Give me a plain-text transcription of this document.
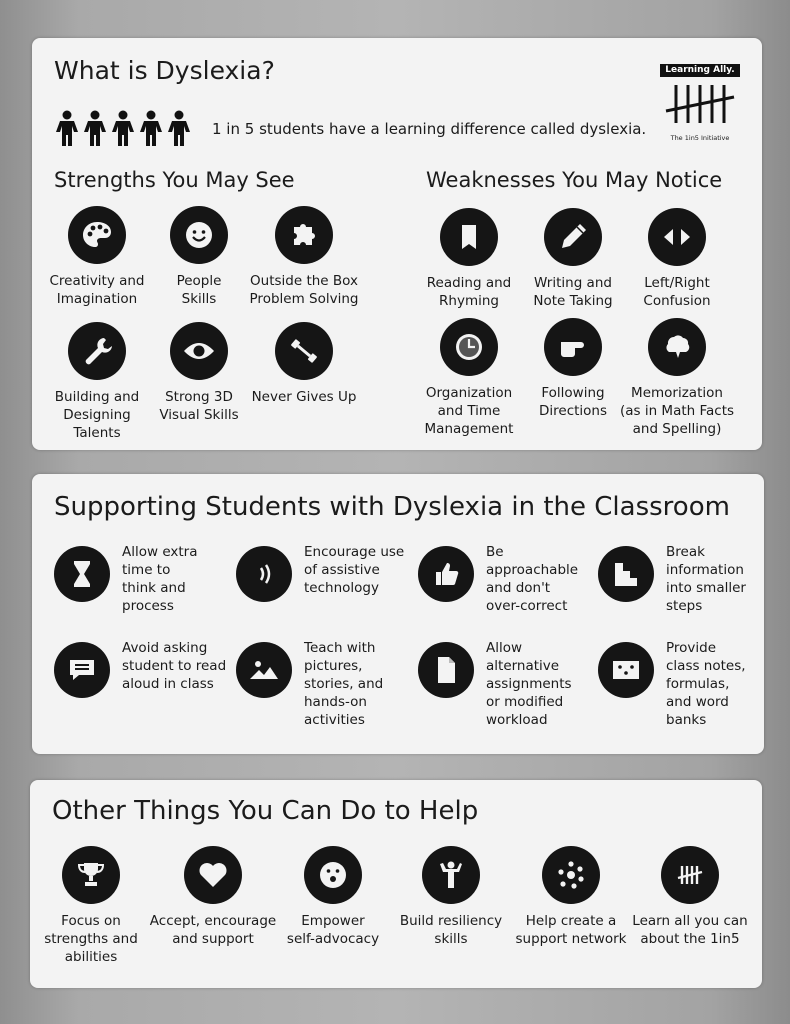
What is Dyslexia?
1 in 5 students have a learning difference called dyslexia.
Learning Ally.
The 1in5 Initiative
Strengths You May See	Weaknesses You May Notice
Creativity and
Imagination
People
Skills
Outside the Box
Problem Solving
Building and
Designing
Talents
Strong 3D
Visual Skills
Never Gives Up
Reading and
Rhyming
Writing and
Note Taking
Left/Right
Confusion
Organization
and Time
Management
Following
Directions
Memorization
(as in Math Facts
and Spelling)
Supporting Students with Dyslexia in the Classroom
Allow extra
time to
think and
process
Encourage use
of assistive
technology
Be
approachable
and don't
over-correct
Break
information
into smaller
steps
Avoid asking
student to read
aloud in class
Teach with
pictures,
stories, and
hands-on
activities
Allow
alternative
assignments
or modified
workload
Provide
class notes,
formulas,
and word
banks
Other Things You Can Do to Help
Focus on
strengths and
abilities
Accept, encourage
and support
Empower
self-advocacy
Build resiliency
skills
Help create a
support network
Learn all you can
about the 1in5
